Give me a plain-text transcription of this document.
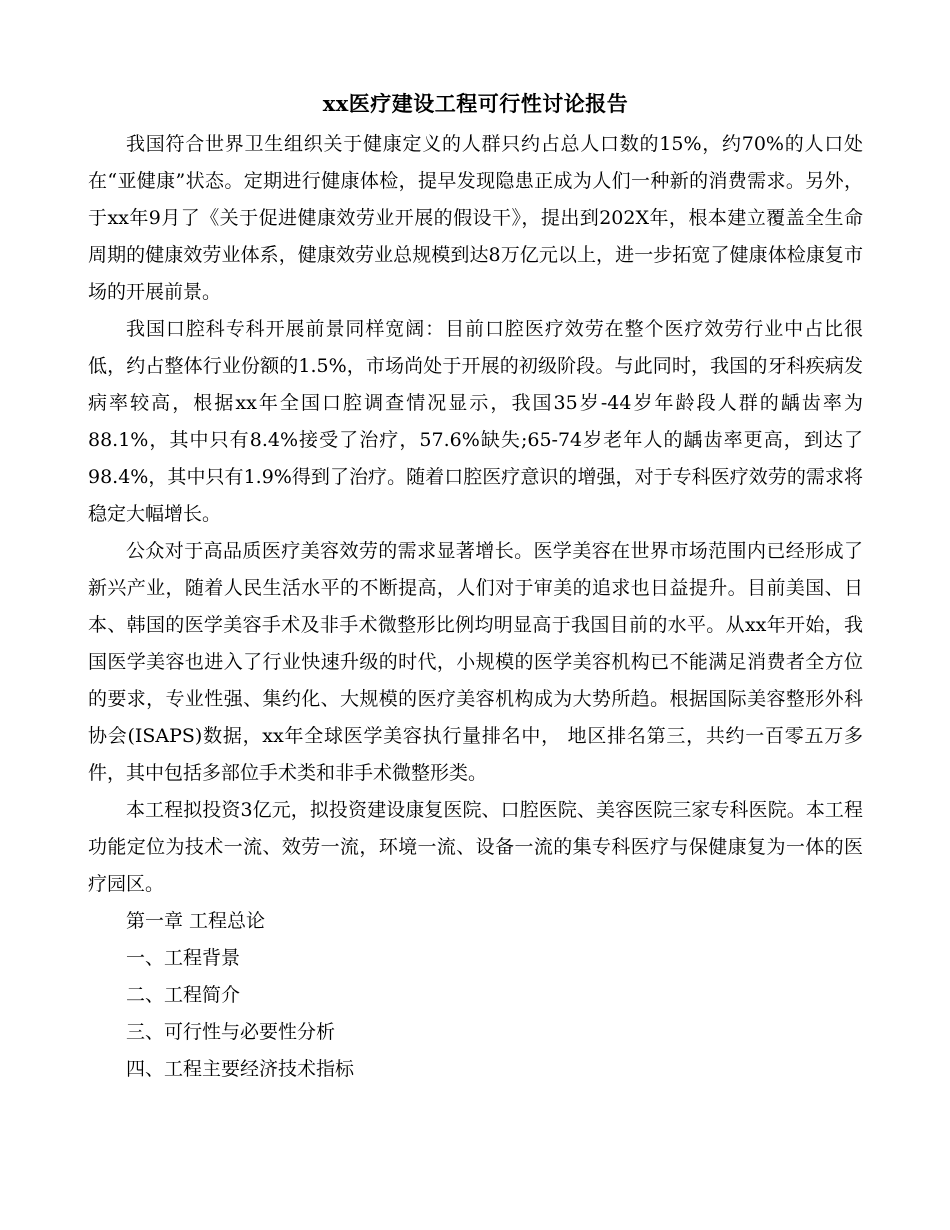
xx医疗建设工程可行性讨论报告

我国符合世界卫生组织关于健康定义的人群只约占总人口数的15%，约70%的人口处在“亚健康”状态。定期进行健康体检，提早发现隐患正成为人们一种新的消费需求。另外， 于xx年9月了《关于促进健康效劳业开展的假设干》，提出到202X年，根本建立覆盖全生命周期的健康效劳业体系，健康效劳业总规模到达8万亿元以上，进一步拓宽了健康体检康复市场的开展前景。

我国口腔科专科开展前景同样宽阔：目前口腔医疗效劳在整个医疗效劳行业中占比很低，约占整体行业份额的1.5%，市场尚处于开展的初级阶段。与此同时，我国的牙科疾病发病率较高，根据xx年全国口腔调查情况显示，我国35岁-44岁年龄段人群的龋齿率为88.1%，其中只有8.4%接受了治疗，57.6%缺失;65-74岁老年人的龋齿率更高，到达了98.4%，其中只有1.9%得到了治疗。随着口腔医疗意识的增强，对于专科医疗效劳的需求将稳定大幅增长。

公众对于高品质医疗美容效劳的需求显著增长。医学美容在世界市场范围内已经形成了新兴产业，随着人民生活水平的不断提高，人们对于审美的追求也日益提升。目前美国、日本、韩国的医学美容手术及非手术微整形比例均明显高于我国目前的水平。从xx年开始，我国医学美容也进入了行业快速升级的时代，小规模的医学美容机构已不能满足消费者全方位的要求，专业性强、集约化、大规模的医疗美容机构成为大势所趋。根据国际美容整形外科协会(ISAPS)数据，xx年全球医学美容执行量排名中， 地区排名第三，共约一百零五万多件，其中包括多部位手术类和非手术微整形类。

本工程拟投资3亿元，拟投资建设康复医院、口腔医院、美容医院三家专科医院。本工程功能定位为技术一流、效劳一流，环境一流、设备一流的集专科医疗与保健康复为一体的医疗园区。

第一章 工程总论
一、工程背景
二、工程简介
三、可行性与必要性分析
四、工程主要经济技术指标
